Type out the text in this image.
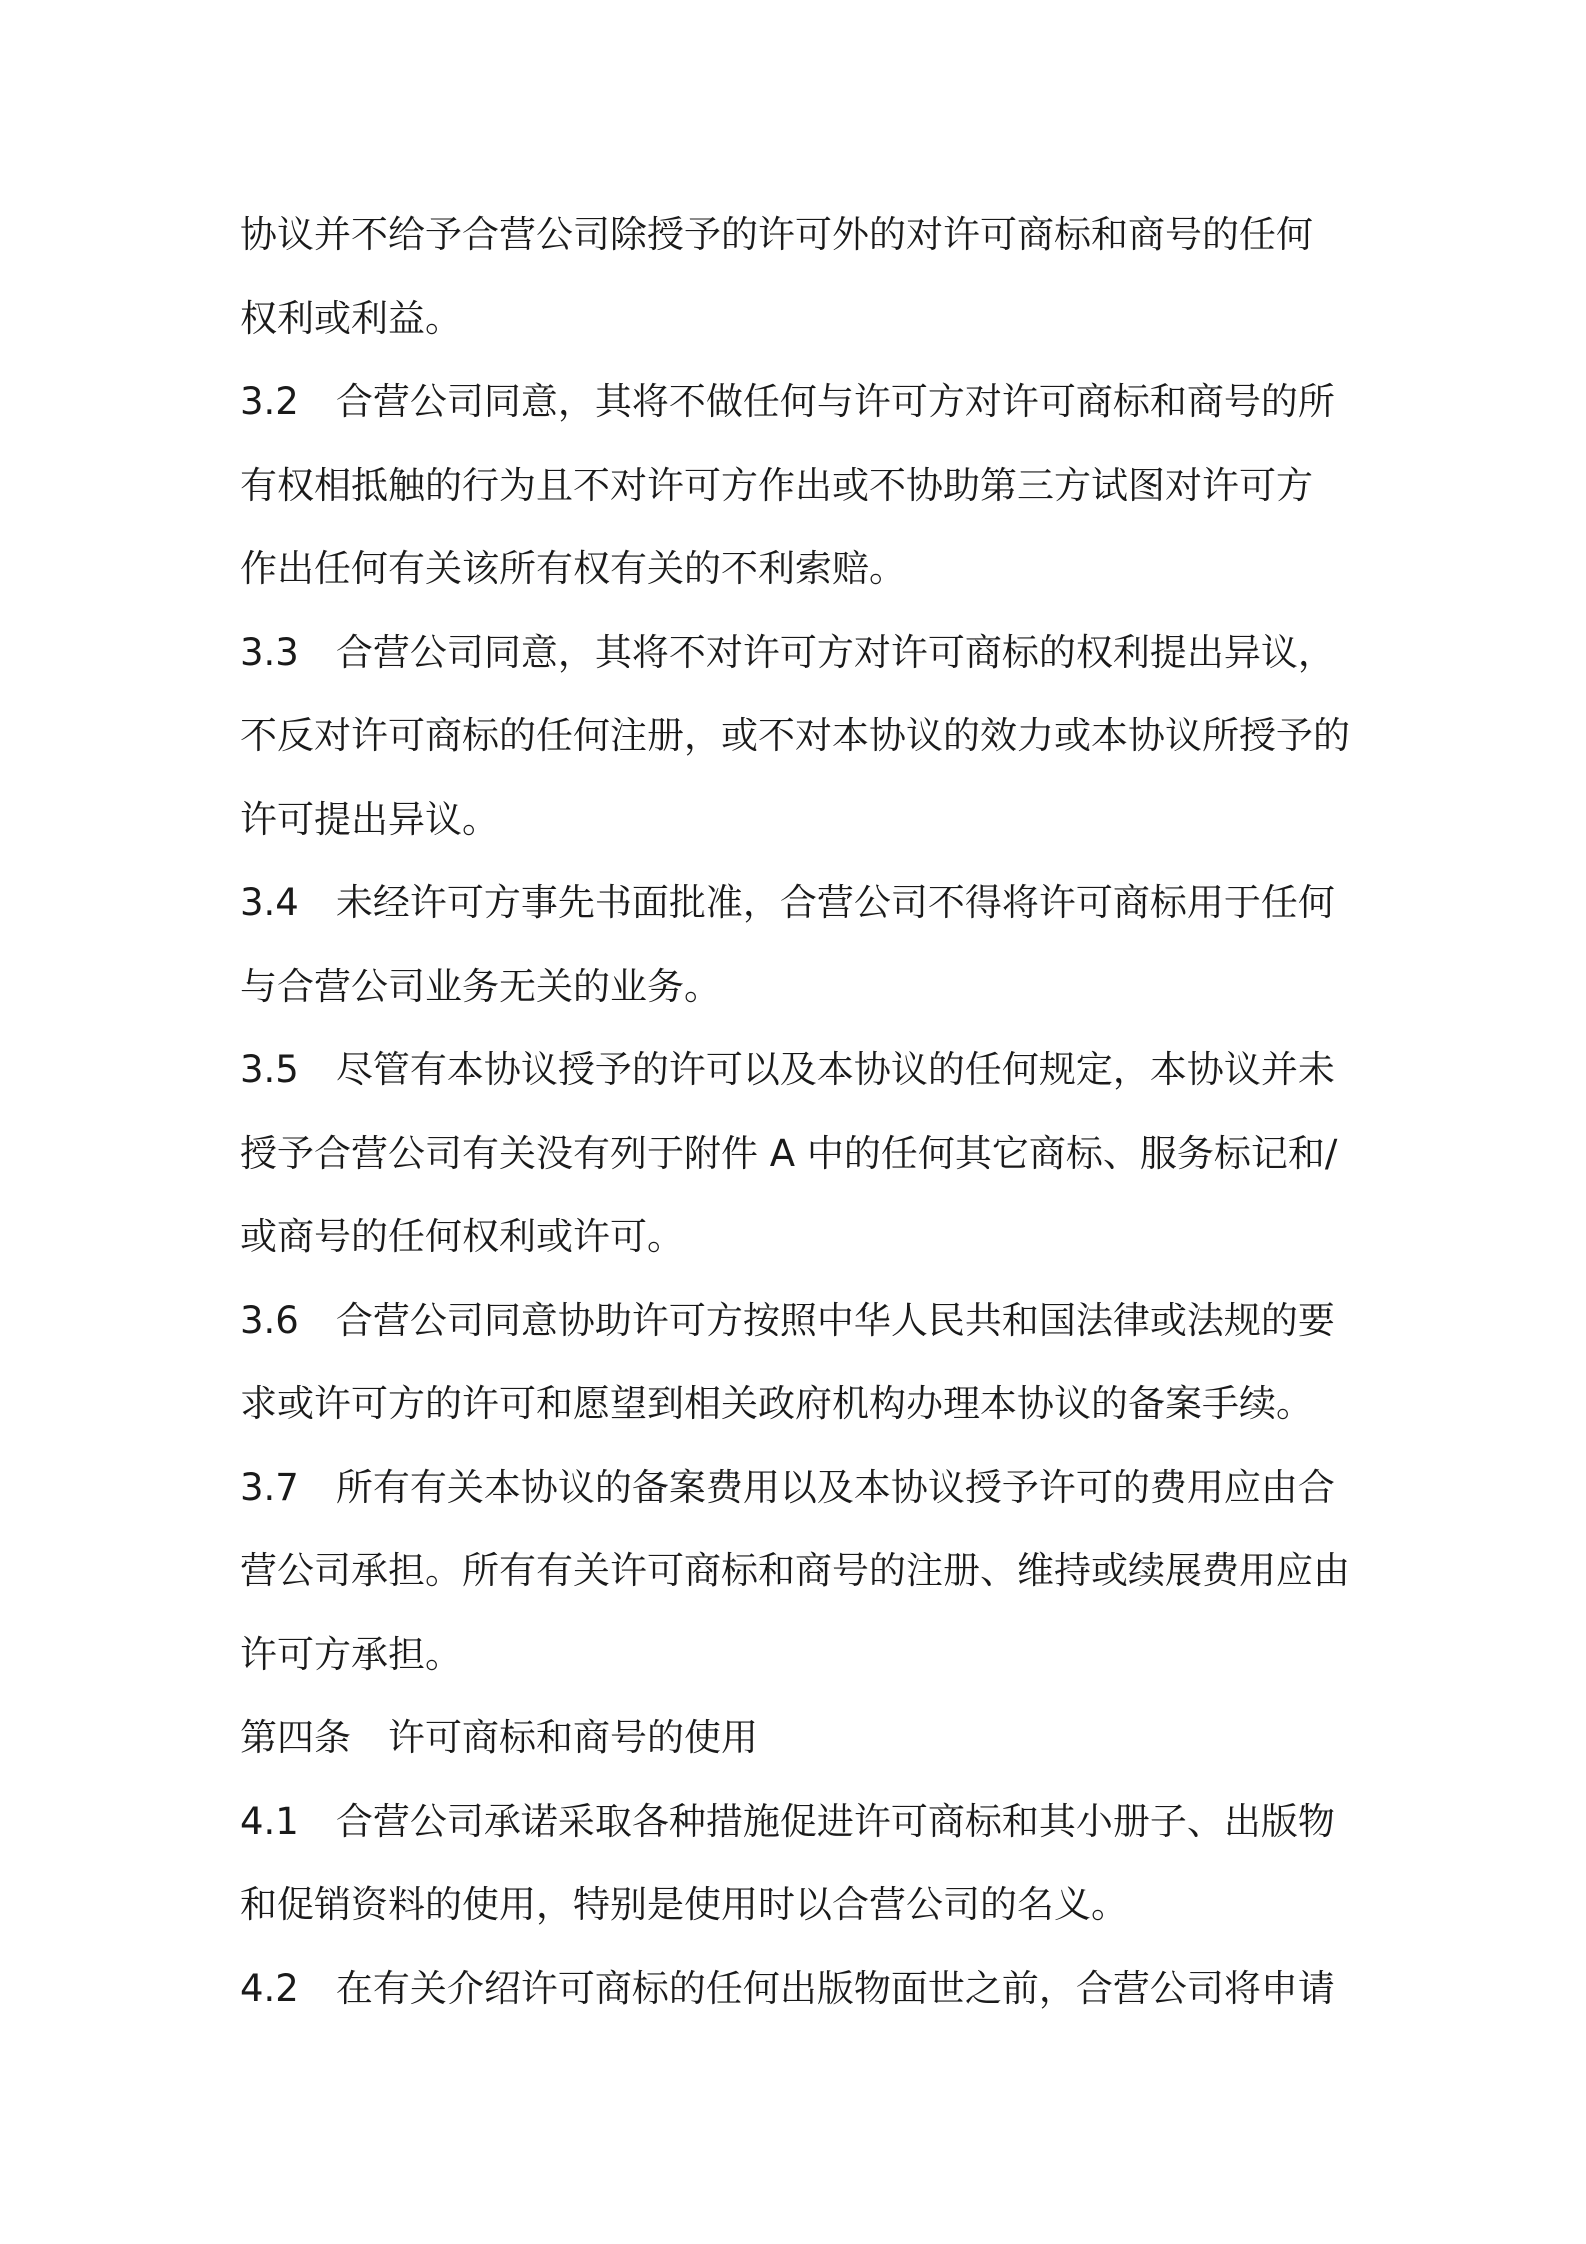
协议并不给予合营公司除授予的许可外的对许可商标和商号的任何
权利或利益。
3.2　合营公司同意，其将不做任何与许可方对许可商标和商号的所
有权相抵触的行为且不对许可方作出或不协助第三方试图对许可方
作出任何有关该所有权有关的不利索赔。
3.3　合营公司同意，其将不对许可方对许可商标的权利提出异议，
不反对许可商标的任何注册，或不对本协议的效力或本协议所授予的
许可提出异议。
3.4　未经许可方事先书面批准，合营公司不得将许可商标用于任何
与合营公司业务无关的业务。
3.5　尽管有本协议授予的许可以及本协议的任何规定，本协议并未
授予合营公司有关没有列于附件 A 中的任何其它商标、服务标记和/
或商号的任何权利或许可。
3.6　合营公司同意协助许可方按照中华人民共和国法律或法规的要
求或许可方的许可和愿望到相关政府机构办理本协议的备案手续。
3.7　所有有关本协议的备案费用以及本协议授予许可的费用应由合
营公司承担。所有有关许可商标和商号的注册、维持或续展费用应由
许可方承担。
第四条　许可商标和商号的使用
4.1　合营公司承诺采取各种措施促进许可商标和其小册子、出版物
和促销资料的使用，特别是使用时以合营公司的名义。
4.2　在有关介绍许可商标的任何出版物面世之前，合营公司将申请
